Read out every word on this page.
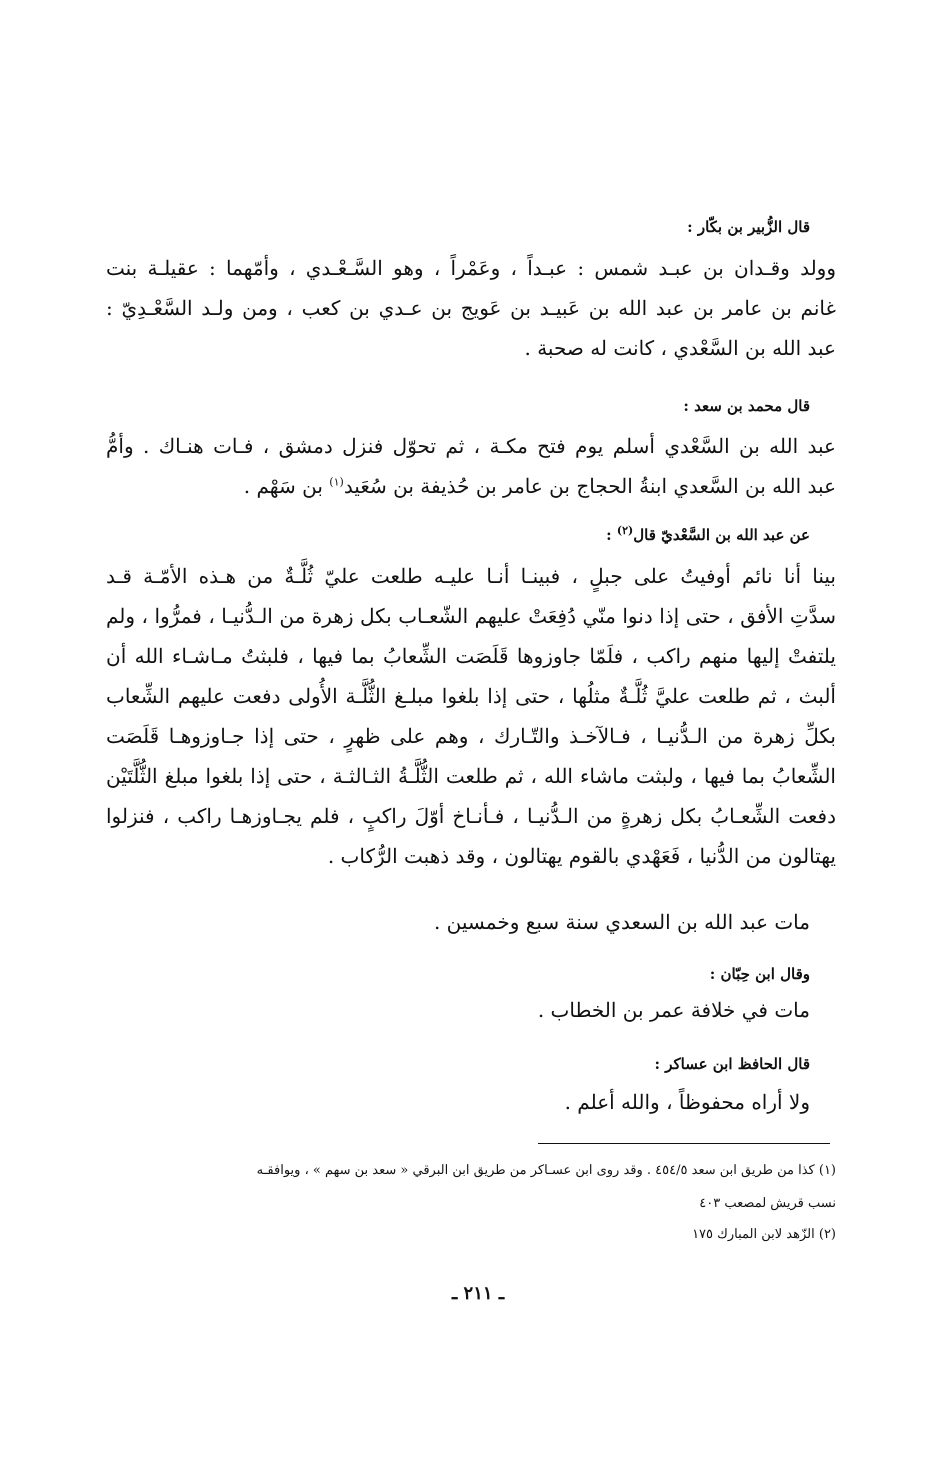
قال الزُّبير بن بكّار :
وولد وقـدان بن عبـد شمس : عبـداً ، وعَمْراً ، وهو السَّـعْـدي ، وأمّهما : عقيلـة بنت
غانم بن عامر بن عبد الله بن عَبيـد بن عَويج بن عـدي بن كعب ، ومن ولـد السَّعْـدِيّ :
عبد الله بن السَّعْدي ، كانت له صحبة .
قال محمد بن سعد :
عبد الله بن السَّعْدي أسلم يوم فتح مكـة ، ثم تحوّل فنزل دمشق ، فـات هنـاك . وأمُّ
عبد الله بن السَّعدي ابنةُ الحجاج بن عامر بن حُذيفة بن سُعَيد$^{(١)}$ بن سَهْم .
عن عبد الله بن السَّعْديّ قال$^{(٢)}$ :
بينا أنا نائم أوفيتُ على جبلٍ ، فبينـا أنـا عليـه طلعت عليّ ثُلَّـةٌ من هـذه الأمّـة قـد
سدَّتِ الأفق ، حتى إذا دنوا منّي دُفِعَتْ عليهم الشّعـاب بكل زهرة من الـدُّنيـا ، فمرُّوا ، ولم
يلتفتْ إليها منهم راكب ، فلَمّا جاوزوها قَلَصَت الشِّعابُ بما فيها ، فلبثتُ مـاشـاء الله أن
ألبث ، ثم طلعت عليَّ ثُلَّـةٌ مثلُها ، حتى إذا بلغوا مبلـغ الثُّلَّـة الأُولى دفعت عليهم الشِّعاب
بكلِّ زهرة من الـدُّنيـا ، فـالآخـذ والتّـارك ، وهم على ظهرٍ ، حتى إذا جـاوزوهـا قَلَصَت
الشِّعابُ بما فيها ، ولبثت ماشاء الله ، ثم طلعت الثُّلَّـةُ الثـالثـة ، حتى إذا بلغوا مبلغ الثُّلَّتَيْن
دفعت الشِّعـابُ بكل زهرةٍ من الـدُّنيـا ، فـأنـاخ أوّلَ راكبٍ ، فلم يجـاوزهـا راكب ، فنزلوا
يهتالون من الدُّنيا ، فَعَهْدي بالقوم يهتالون ، وقد ذهبت الرُّكاب .
مات عبد الله بن السعدي سنة سبع وخمسين .
وقال ابن حِبّان :
مات في خلافة عمر بن الخطاب .
قال الحافظ ابن عساكر :
ولا أراه محفوظاً ، والله أعلم .
(١) كذا من طريق ابن سعد ٤٥٤/٥ . وقد روى ابن عسـاكر من طريق ابن البرقي « سعد بن سهم » ، ويوافقـه
نسب قريش لمصعب ٤٠٣
(٢) الزّهد لابن المبارك ١٧٥
ـ ٢١١ ـ
